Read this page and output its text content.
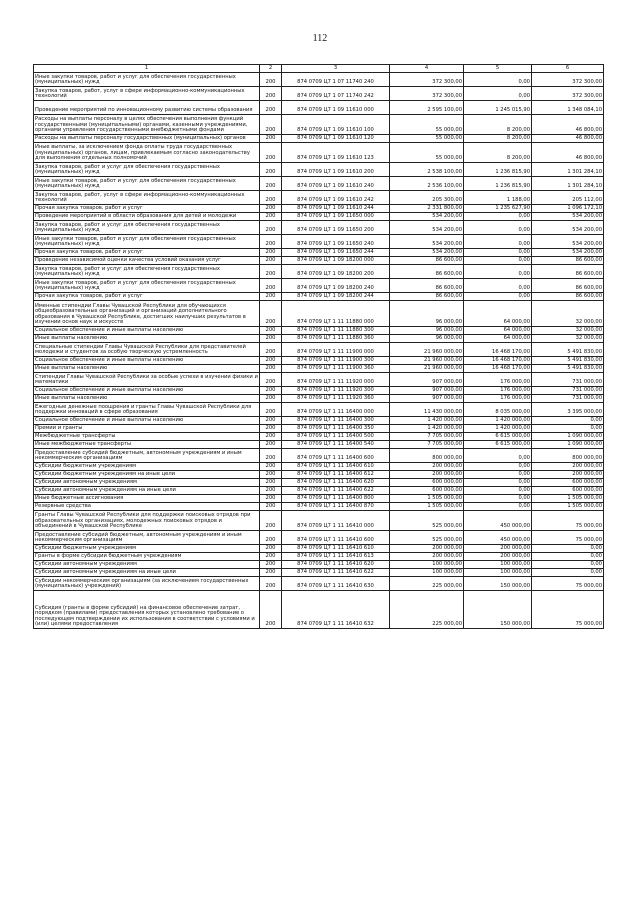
112
1	2	3	4	5	6
Иные закупки товаров, работ и услуг для обеспечения государственных (муниципальных) нужд	200	874 0709 Ц7 1 07 11740 240	372 300,00	0,00	372 300,00
Закупка товаров, работ, услуг в сфере информационно-коммуникационных технологий	200	874 0709 Ц7 1 07 11740 242	372 300,00	0,00	372 300,00
Проведение мероприятий по инновационному развитию системы образования	200	874 0709 Ц7 1 09 11610 000	2 595 100,00	1 245 015,90	1 348 084,10
Расходы на выплаты персоналу в целях обеспечения выполнения функций государственными (муниципальными) органами, казенными учреждениями, органами управления государственными внебюджетными фондами	200	874 0709 Ц7 1 09 11610 100	55 000,00	8 200,00	46 800,00
Расходы на выплаты персоналу государственных (муниципальных) органов	200	874 0709 Ц7 1 09 11610 120	55 000,00	8 200,00	46 800,00
Иные выплаты, за исключением фонда оплаты труда государственных (муниципальных) органов, лицам, привлекаемым согласно законодательству для выполнения отдельных полномочий	200	874 0709 Ц7 1 09 11610 123	55 000,00	8 200,00	46 800,00
Закупка товаров, работ и услуг для обеспечения государственных (муниципальных) нужд	200	874 0709 Ц7 1 09 11610 200	2 538 100,00	1 236 815,90	1 301 284,10
Иные закупки товаров, работ и услуг для обеспечения государственных (муниципальных) нужд	200	874 0709 Ц7 1 09 11610 240	2 536 100,00	1 236 815,90	1 301 284,10
Закупка товаров, работ, услуг в сфере информационно-коммуникационных технологий	200	874 0709 Ц7 1 09 11610 242	205 300,00	1 188,00	205 112,00
Прочая закупка товаров, работ и услуг	200	874 0709 Ц7 1 09 11610 244	2 331 800,00	1 235 627,90	1 096 172,10
Проведение мероприятий в области образования для детей и молодежи	200	874 0709 Ц7 1 09 11650 000	534 200,00	0,00	534 200,00
Закупка товаров, работ и услуг для обеспечения государственных (муниципальных) нужд	200	874 0709 Ц7 1 09 11650 200	534 200,00	0,00	534 200,00
Иные закупки товаров, работ и услуг для обеспечения государственных (муниципальных) нужд	200	874 0709 Ц7 1 09 11650 240	534 200,00	0,00	534 200,00
Прочая закупка товаров, работ и услуг	200	874 0709 Ц7 1 09 11650 244	534 200,00	0,00	534 200,00
Проведение независимой оценки качества условий оказания услуг	200	874 0709 Ц7 1 09 18200 000	86 600,00	0,00	86 600,00
Закупка товаров, работ и услуг для обеспечения государственных (муниципальных) нужд	200	874 0709 Ц7 1 09 18200 200	86 600,00	0,00	86 600,00
Иные закупки товаров, работ и услуг для обеспечения государственных (муниципальных) нужд	200	874 0709 Ц7 1 09 18200 240	86 600,00	0,00	86 600,00
Прочая закупка товаров, работ и услуг	200	874 0709 Ц7 1 09 18200 244	86 600,00	0,00	86 600,00
Именные стипендии Главы Чувашской Республики для обучающихся общеобразовательных организаций и организаций дополнительного образования в Чувашской Республике, достигших наилучших результатов в изучении основ наук и искусств	200	874 0709 Ц7 1 11 11880 000	96 000,00	64 000,00	32 000,00
Социальное обеспечение и иные выплаты населению	200	874 0709 Ц7 1 11 11880 300	96 000,00	64 000,00	32 000,00
Иные выплаты населению	200	874 0709 Ц7 1 11 11880 360	96 000,00	64 000,00	32 000,00
Специальные стипендии Главы Чувашской Республики для представителей молодежи и студентов за особую творческую устремленность	200	874 0709 Ц7 1 11 11900 000	21 960 000,00	16 468 170,00	5 491 830,00
Социальное обеспечение и иные выплаты населению	200	874 0709 Ц7 1 11 11900 300	21 960 000,00	16 468 170,00	5 491 830,00
Иные выплаты населению	200	874 0709 Ц7 1 11 11900 360	21 960 000,00	16 468 170,00	5 491 830,00
Стипендии Главы Чувашской Республики за особые успехи в изучении физики и математики	200	874 0709 Ц7 1 11 11920 000	907 000,00	176 000,00	731 000,00
Социальное обеспечение и иные выплаты населению	200	874 0709 Ц7 1 11 11920 300	907 000,00	176 000,00	731 000,00
Иные выплаты населению	200	874 0709 Ц7 1 11 11920 360	907 000,00	176 000,00	731 000,00
Ежегодные денежные поощрения и гранты Главы Чувашской Республики для поддержки инноваций в сфере образования	200	874 0709 Ц7 1 11 16400 000	11 430 000,00	8 035 000,00	3 395 000,00
Социальное обеспечение и иные выплаты населению	200	874 0709 Ц7 1 11 16400 300	1 420 000,00	1 420 000,00	0,00
Премии и гранты	200	874 0709 Ц7 1 11 16400 350	1 420 000,00	1 420 000,00	0,00
Межбюджетные трансферты	200	874 0709 Ц7 1 11 16400 500	7 705 000,00	6 615 000,00	1 090 000,00
Иные межбюджетные трансферты	200	874 0709 Ц7 1 11 16400 540	7 705 000,00	6 615 000,00	1 090 000,00
Предоставление субсидий бюджетным, автономным учреждениям и иным некоммерческим организациям	200	874 0709 Ц7 1 11 16400 600	800 000,00	0,00	800 000,00
Субсидии бюджетным учреждениям	200	874 0709 Ц7 1 11 16400 610	200 000,00	0,00	200 000,00
Субсидии бюджетным учреждениям на иные цели	200	874 0709 Ц7 1 11 16400 612	200 000,00	0,00	200 000,00
Субсидии автономным учреждениям	200	874 0709 Ц7 1 11 16400 620	600 000,00	0,00	600 000,00
Субсидии автономным учреждениям на иные цели	200	874 0709 Ц7 1 11 16400 622	600 000,00	0,00	600 000,00
Иные бюджетные ассигнования	200	874 0709 Ц7 1 11 16400 800	1 505 000,00	0,00	1 505 000,00
Резервные средства	200	874 0709 Ц7 1 11 16400 870	1 505 000,00	0,00	1 505 000,00
Гранты Главы Чувашской Республики для поддержки поисковых отрядов при образовательных организациях, молодежных поисковых отрядов и объединений в Чувашской Республике	200	874 0709 Ц7 1 11 16410 000	525 000,00	450 000,00	75 000,00
Предоставление субсидий бюджетным, автономным учреждениям и иным некоммерческим организациям	200	874 0709 Ц7 1 11 16410 600	525 000,00	450 000,00	75 000,00
Субсидии бюджетным учреждениям	200	874 0709 Ц7 1 11 16410 610	200 000,00	200 000,00	0,00
Гранты в форме субсидии бюджетным учреждениям	200	874 0709 Ц7 1 11 16410 613	200 000,00	200 000,00	0,00
Субсидии автономным учреждениям	200	874 0709 Ц7 1 11 16410 620	100 000,00	100 000,00	0,00
Субсидии автономным учреждениям на иные цели	200	874 0709 Ц7 1 11 16410 622	100 000,00	100 000,00	0,00
Субсидии некоммерческим организациям (за исключением государственных (муниципальных) учреждений)	200	874 0709 Ц7 1 11 16410 630	225 000,00	150 000,00	75 000,00
Субсидия (гранты в форме субсидий) на финансовое обеспечение затрат, порядком (правилами) предоставления которых установлено требование о последующем подтверждении их использования в соответствии с условиями и (или) целями предоставления	200	874 0709 Ц7 1 11 16410 632	225 000,00	150 000,00	75 000,00
